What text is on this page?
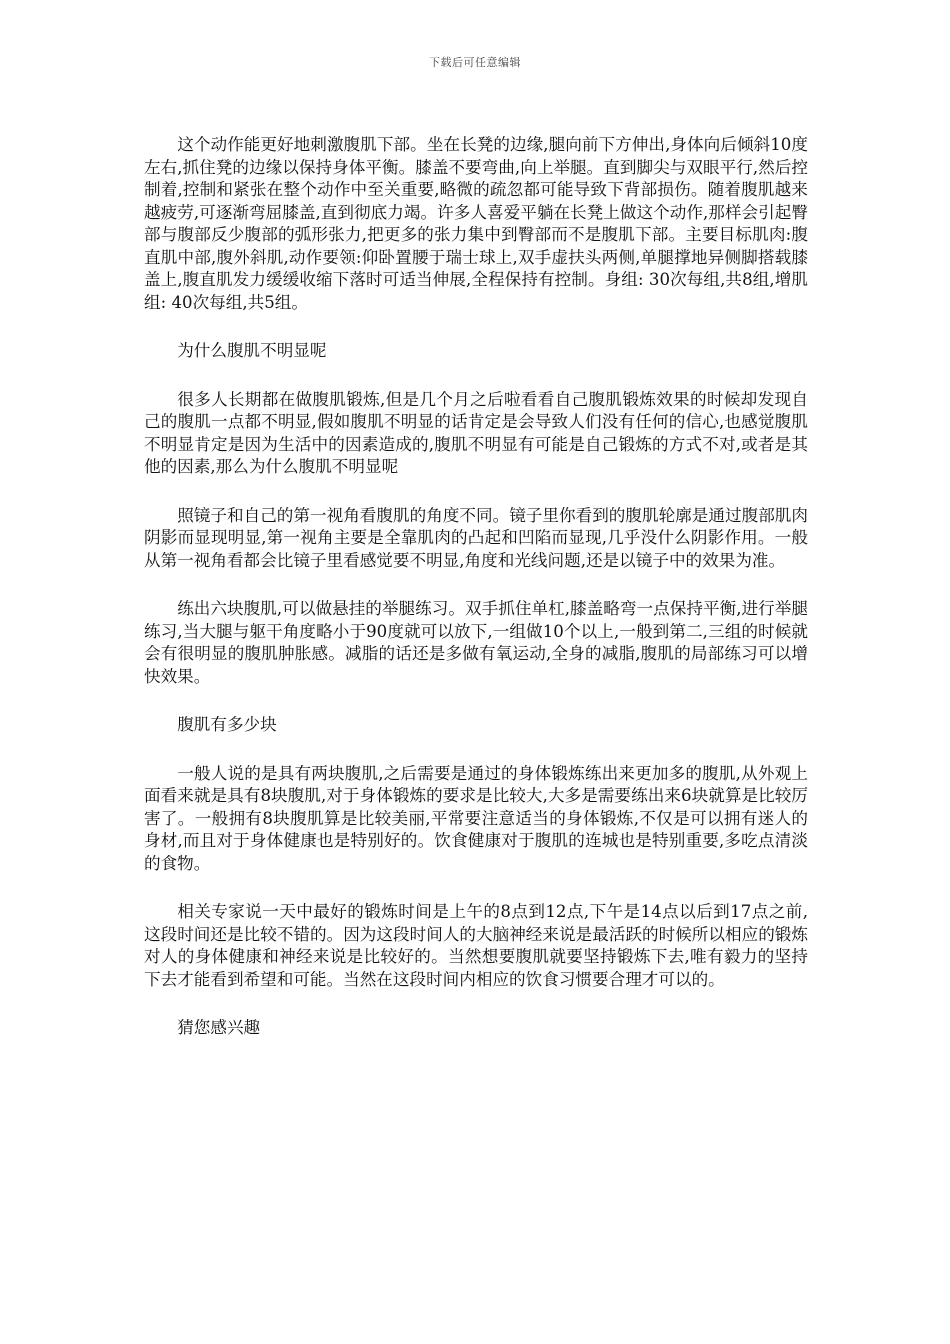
下载后可任意编辑

这个动作能更好地刺激腹肌下部。坐在长凳的边缘,腿向前下方伸出,身体向后倾斜10度左右,抓住凳的边缘以保持身体平衡。膝盖不要弯曲,向上举腿。直到脚尖与双眼平行,然后控制着,控制和紧张在整个动作中至关重要,略微的疏忽都可能导致下背部损伤。随着腹肌越来越疲劳,可逐渐弯屈膝盖,直到彻底力竭。许多人喜爱平躺在长凳上做这个动作,那样会引起臀部与腹部反少腹部的弧形张力,把更多的张力集中到臀部而不是腹肌下部。主要目标肌肉:腹直肌中部,腹外斜肌,动作要领:仰卧置腰于瑞士球上,双手虚扶头两侧,单腿撑地异侧脚搭载膝盖上,腹直肌发力缓缓收缩下落时可适当伸展,全程保持有控制。身组: 30次每组,共8组,增肌组: 40次每组,共5组。

为什么腹肌不明显呢

很多人长期都在做腹肌锻炼,但是几个月之后啦看看自己腹肌锻炼效果的时候却发现自己的腹肌一点都不明显,假如腹肌不明显的话肯定是会导致人们没有任何的信心,也感觉腹肌不明显肯定是因为生活中的因素造成的,腹肌不明显有可能是自己锻炼的方式不对,或者是其他的因素,那么为什么腹肌不明显呢

照镜子和自己的第一视角看腹肌的角度不同。镜子里你看到的腹肌轮廓是通过腹部肌肉阴影而显现明显,第一视角主要是全靠肌肉的凸起和凹陷而显现,几乎没什么阴影作用。一般从第一视角看都会比镜子里看感觉要不明显,角度和光线问题,还是以镜子中的效果为准。

练出六块腹肌,可以做悬挂的举腿练习。双手抓住单杠,膝盖略弯一点保持平衡,进行举腿练习,当大腿与躯干角度略小于90度就可以放下,一组做10个以上,一般到第二,三组的时候就会有很明显的腹肌肿胀感。减脂的话还是多做有氧运动,全身的减脂,腹肌的局部练习可以增快效果。

腹肌有多少块

一般人说的是具有两块腹肌,之后需要是通过的身体锻炼练出来更加多的腹肌,从外观上面看来就是具有8块腹肌,对于身体锻炼的要求是比较大,大多是需要练出来6块就算是比较厉害了。一般拥有8块腹肌算是比较美丽,平常要注意适当的身体锻炼,不仅是可以拥有迷人的身材,而且对于身体健康也是特别好的。饮食健康对于腹肌的连城也是特别重要,多吃点清淡的食物。

相关专家说一天中最好的锻炼时间是上午的8点到12点,下午是14点以后到17点之前,这段时间还是比较不错的。因为这段时间人的大脑神经来说是最活跃的时候所以相应的锻炼对人的身体健康和神经来说是比较好的。当然想要腹肌就要坚持锻炼下去,唯有毅力的坚持下去才能看到希望和可能。当然在这段时间内相应的饮食习惯要合理才可以的。

猜您感兴趣
